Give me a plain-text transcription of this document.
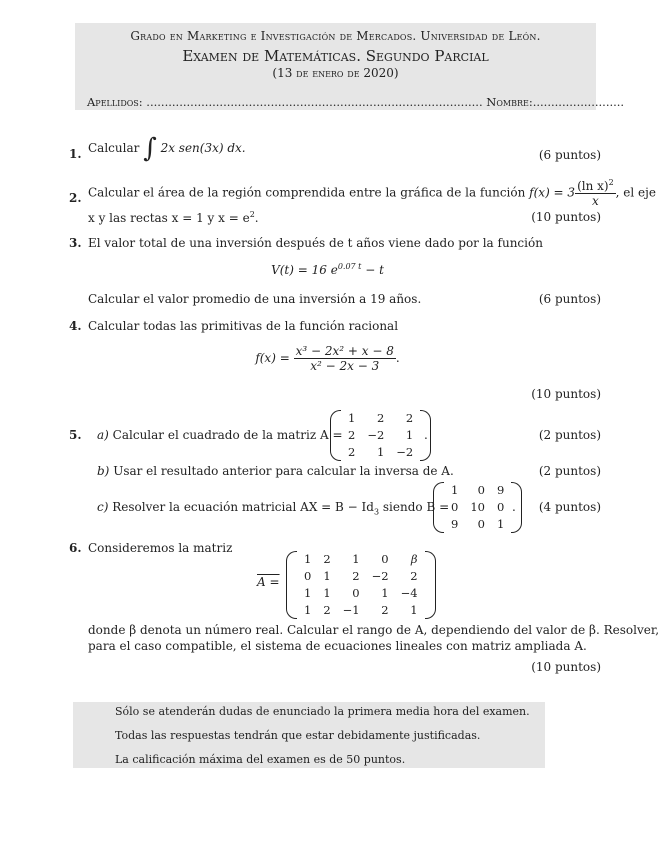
Grado en Marketing e Investigación de Mercados. Universidad de León.
Examen de Matemáticas. Segundo Parcial
(13 de enero de 2020)
Apellidos: ............................................................................................ Nombre:.........................
1. Calcular ∫ 2x sen(3x) dx.	(6 puntos)
2. Calcular el área de la región comprendida entre la gráfica de la función $f(x) = 3 \frac{(\ln x)^2}{x}$ , el eje
x y las rectas x = 1 y $x = e^2$.	(10 puntos)
3. El valor total de una inversión después de t años viene dado por la función
V(t) = 16 $e^{0.07 t} - t$
Calcular el valor promedio de una inversión a 19 años.	(6 puntos)
4. Calcular todas las primitivas de la función racional
$f(x) = \frac{\text{x³ − 2x² + x − 8}}{\text{x² − 2x − 3}}$ .
(10 puntos)
5. a) Calcular el cuadrado de la matriz A =
1	2	2
2	−2	1
2	1	−2
.	(2 puntos)
b) Usar el resultado anterior para calcular la inversa de A.	(2 puntos)
c) Resolver la ecuación matricial AX = $B - Id_3$ siendo B =
1	0	9
0	10	0
9	0	1
. (4 puntos)
6. Consideremos la matriz
A =
1	2	1	0	β
0	1	2	−2	2
1	1	0	1	−4
1	2	−1	2	1
donde β denota un número real. Calcular el rango de A, dependiendo del valor de β. Resolver,
para el caso compatible, el sistema de ecuaciones lineales con matriz ampliada A.
(10 puntos)
Sólo se atenderán dudas de enunciado la primera media hora del examen.
Todas las respuestas tendrán que estar debidamente justificadas.
La calificación máxima del examen es de 50 puntos.
